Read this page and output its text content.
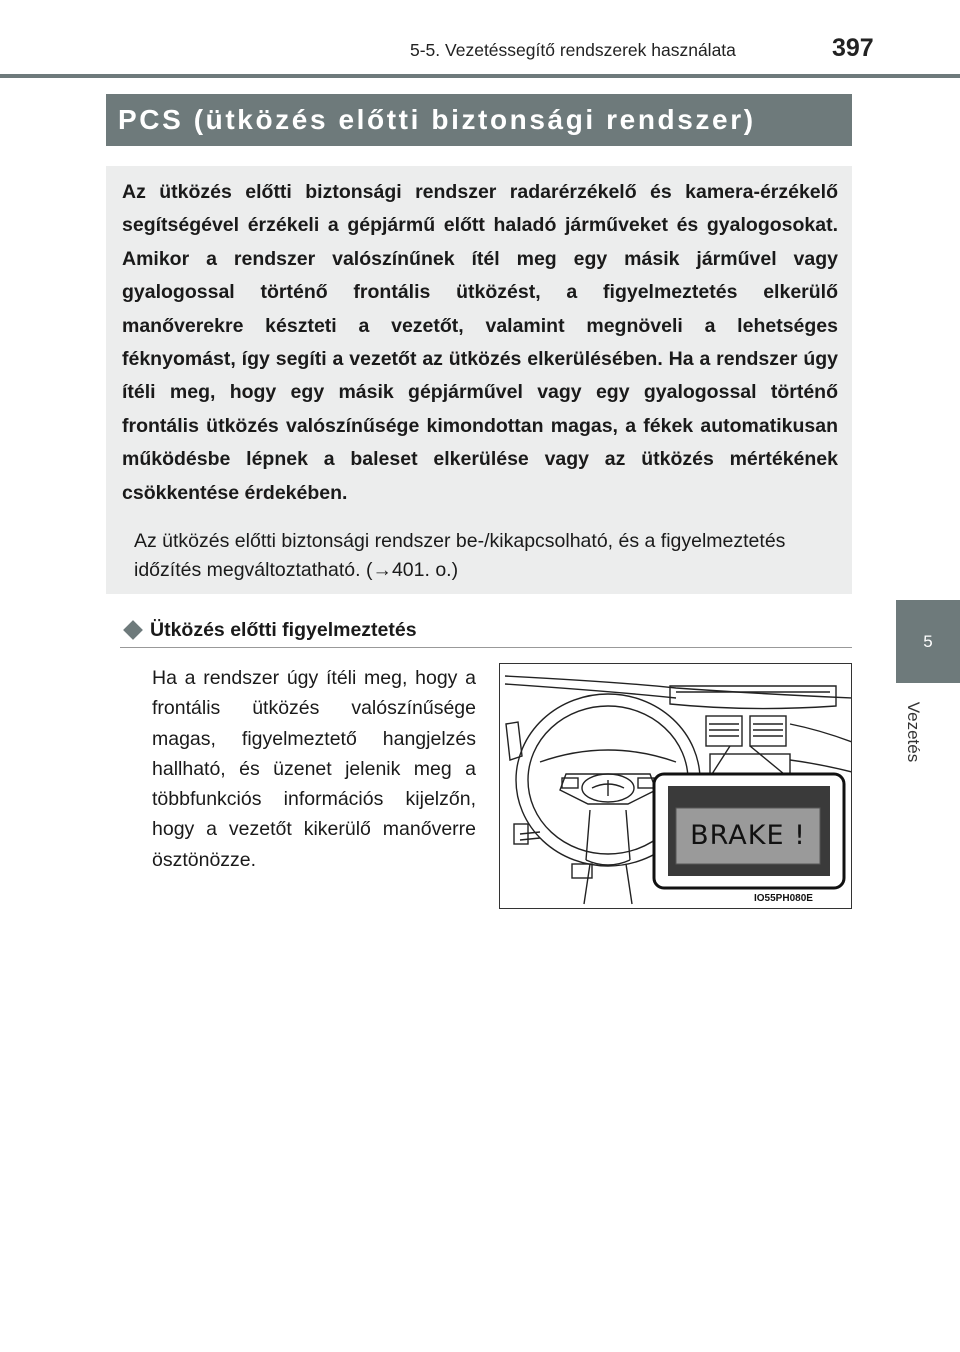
5-5. Vezetéssegítő rendszerek használata	397
PCS (ütközés előtti biztonsági rendszer)
5
Vezetés
Az ütközés előtti biztonsági rendszer radarérzékelő és kamera-érzékelő segítségével érzékeli a gépjármű előtt haladó járműveket és gyalogosokat. Amikor a rendszer valószínűnek ítél meg egy másik járművel vagy gyalogossal történő frontális ütközést, a figyelmeztetés elkerülő manőverekre készteti a vezetőt, valamint megnöveli a lehetséges féknyomást, így segíti a vezetőt az ütközés elkerülésében. Ha a rendszer úgy ítéli meg, hogy egy másik gépjárművel vagy egy gyalogossal történő frontális ütközés valószínűsége kimondottan magas, a fékek automatikusan működésbe lépnek a baleset elkerülése vagy az ütközés mértékének csökkentése érdekében.
Az ütközés előtti biztonsági rendszer be-/kikapcsolható, és a figyelmeztetés időzítés megváltoztatható. (→401. o.)
Ütközés előtti figyelmeztetés
Ha a rendszer úgy ítéli meg, hogy a frontális ütközés valószínűsége magas, figyelmeztető hangjelzés hallható, és üzenet jelenik meg a többfunkciós információs kijelzőn, hogy a vezetőt kikerülő manőverre ösztönözze.
BRAKE !
IO55PH080E
